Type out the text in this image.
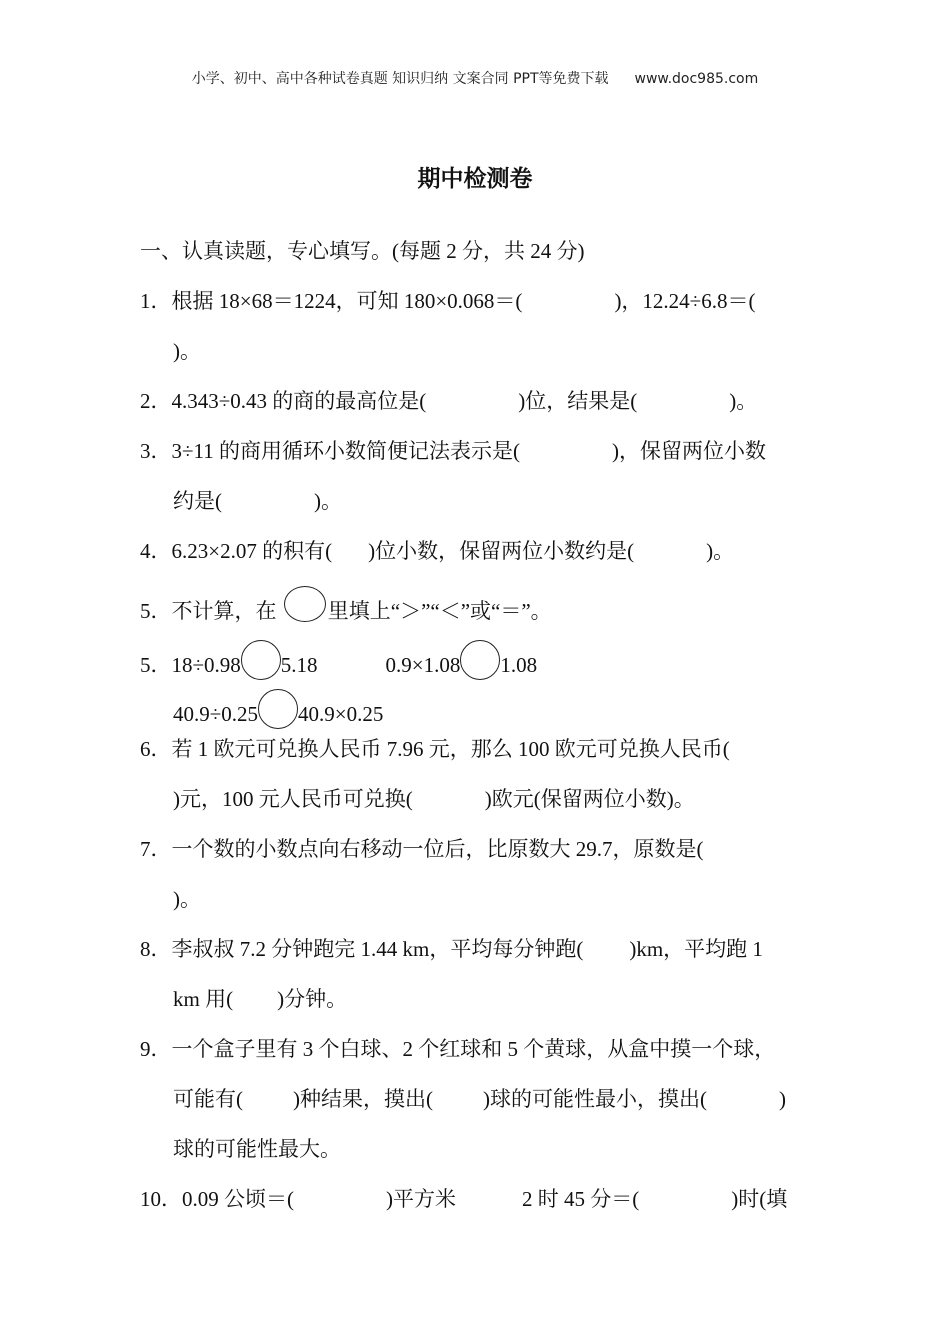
小学、初中、高中各种试卷真题 知识归纳 文案合同 PPT等免费下载 www.doc985.com
期中检测卷
一、认真读题，专心填写。(每题 2 分，共 24 分)
1．根据 18×68＝1224，可知 180×0.068＝(	)，12.24÷6.8＝(
)。
2．4.343÷0.43 的商的最高位是(	)位，结果是(	)。
3．3÷11 的商用循环小数简便记法表示是(	)，保留两位小数
约是(	)。
4．6.23×2.07 的积有( )位小数，保留两位小数约是(	)。
5．不计算，在 里填上“＞”“＜”或“＝”。
5．18÷0.98 5.18	0.9×1.08 1.08
40.9÷0.25 40.9×0.25
6．若 1 欧元可兑换人民币 7.96 元，那么 100 欧元可兑换人民币(
)元，100 元人民币可兑换(	)欧元(保留两位小数)。
7．一个数的小数点向右移动一位后，比原数大 29.7，原数是(
)。
8．李叔叔 7.2 分钟跑完 1.44 km，平均每分钟跑( )km，平均跑 1
km 用( )分钟。
9．一个盒子里有 3 个白球、2 个红球和 5 个黄球，从盒中摸一个球，
可能有( )种结果，摸出( )球的可能性最小，摸出(	)
球的可能性最大。
10．0.09 公顷＝(	)平方米	2 时 45 分＝(	)时(填
